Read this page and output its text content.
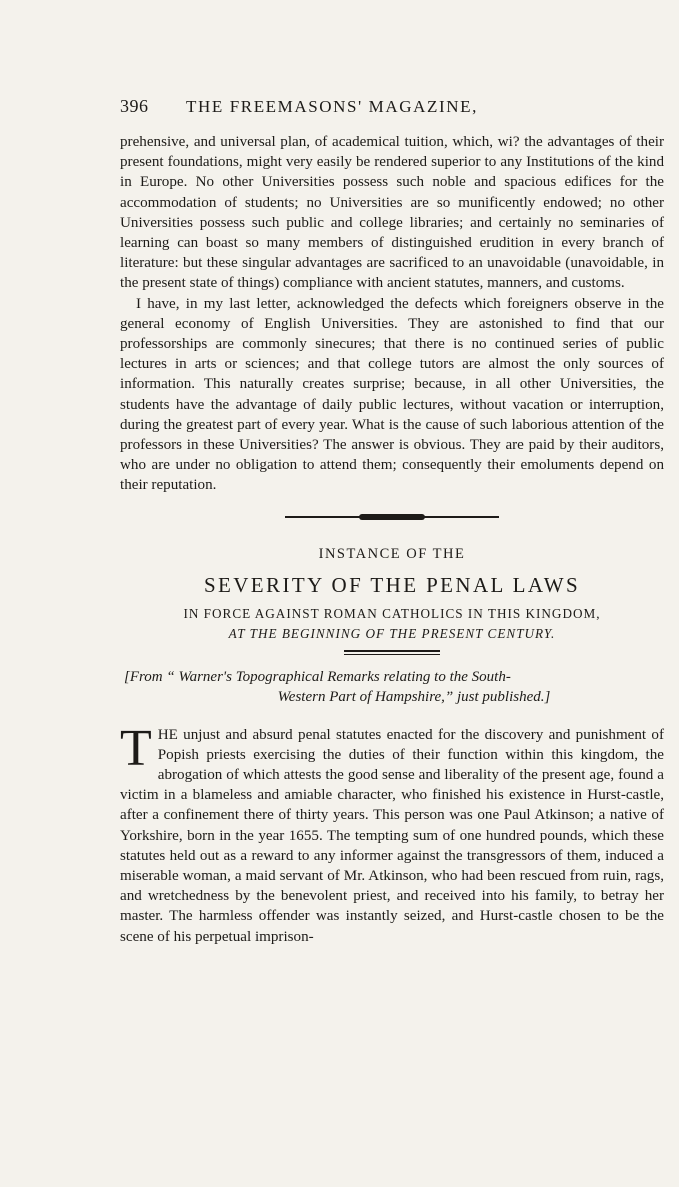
396	THE FREEMASONS' MAGAZINE,

prehensive, and universal plan, of academical tuition, which, wi? the advantages of their present foundations, might very easily be rendered superior to any Institutions of the kind in Europe. No other Universities possess such noble and spacious edifices for the accommodation of students; no Universities are so munificently endowed; no other Universities possess such public and college libraries; and certainly no seminaries of learning can boast so many members of distinguished erudition in every branch of literature: but these singular advantages are sacrificed to an unavoidable (unavoidable, in the present state of things) compliance with ancient statutes, manners, and customs.

I have, in my last letter, acknowledged the defects which foreigners observe in the general economy of English Universities. They are astonished to find that our professorships are commonly sinecures; that there is no continued series of public lectures in arts or sciences; and that college tutors are almost the only sources of information. This naturally creates surprise; because, in all other Universities, the students have the advantage of daily public lectures, without vacation or interruption, during the greatest part of every year. What is the cause of such laborious attention of the professors in these Universities? The answer is obvious. They are paid by their auditors, who are under no obligation to attend them; consequently their emoluments depend on their reputation.

INSTANCE OF THE

SEVERITY OF THE PENAL LAWS

IN FORCE AGAINST ROMAN CATHOLICS IN THIS KINGDOM,

AT THE BEGINNING OF THE PRESENT CENTURY.

[From “ Warner's Topographical Remarks relating to the South-
Western Part of Hampshire,” just published.]

T HE unjust and absurd penal statutes enacted for the discovery and punishment of Popish priests exercising the duties of their function within this kingdom, the abrogation of which attests the good sense and liberality of the present age, found a victim in a blameless and amiable character, who finished his existence in Hurst-castle, after a confinement there of thirty years. This person was one Paul Atkinson; a native of Yorkshire, born in the year 1655. The tempting sum of one hundred pounds, which these statutes held out as a reward to any informer against the transgressors of them, induced a miserable woman, a maid servant of Mr. Atkinson, who had been rescued from ruin, rags, and wretchedness by the benevolent priest, and received into his family, to betray her master. The harmless offender was instantly seized, and Hurst-castle chosen to be the scene of his perpetual imprison-
